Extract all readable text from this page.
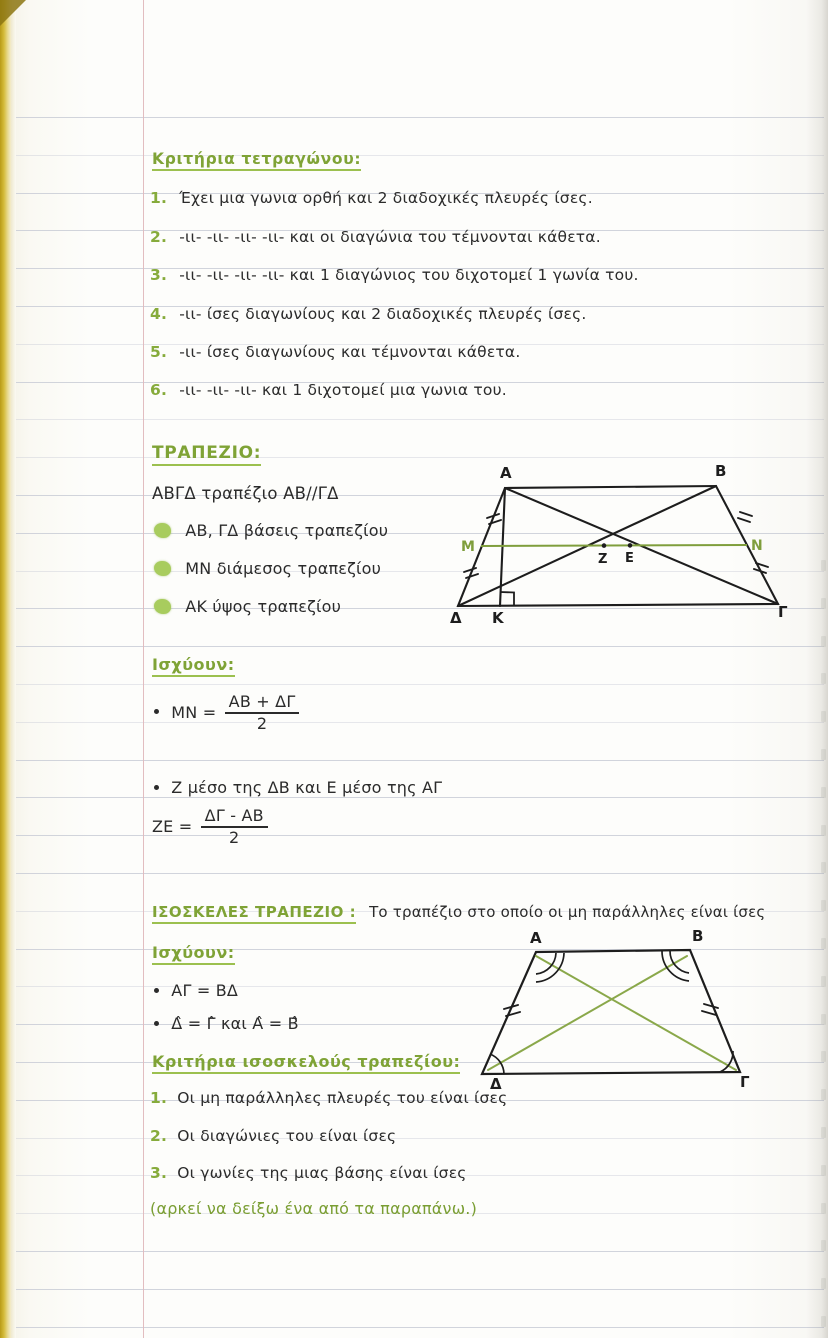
Κριτήρια τετραγώνου:
1. Έχει μια γωνια ορθή και 2 διαδοχικές πλευρές ίσες.
2. -ιι- -ιι- -ιι- -ιι- και οι διαγώνια του τέμνονται κάθετα.
3. -ιι- -ιι- -ιι- -ιι- και 1 διαγώνιος του διχοτομεί 1 γωνία του.
4. -ιι- ίσες διαγωνίους και 2 διαδοχικές πλευρές ίσες.
5. -ιι- ίσες διαγωνίους και τέμνονται κάθετα.
6. -ιι- -ιι- -ιι- και 1 διχοτομεί μια γωνια του.
ΤΡΑΠΕΖΙΟ:
ΑΒΓΔ τραπέζιο ΑΒ//ΓΔ
ΑΒ, ΓΔ βάσεις τραπεζίου
ΜΝ διάμεσος τραπεζίου
ΑΚ ύψος τραπεζίου
Α	Β
Γ
Δ Κ
Μ	Ν
Ζ Ε
Ισχύουν:
$MN = \frac{AB + \Delta\Gamma}{2}$
Ζ μέσο της ΔΒ και Ε μέσο της ΑΓ
$ZE = \frac{\Delta\Gamma - AB}{2}$
ΙΣΟΣΚΕΛΕΣ ΤΡΑΠΕΖΙΟ : Το τραπέζιο στο οποίο οι μη παράλληλες είναι ίσες
Ισχύουν:
ΑΓ = ΒΔ
Δ̂ = Γ̂ και Α̂ = Β̂
Κριτήρια ισοσκελούς τραπεζίου:
1. Οι μη παράλληλες πλευρές του είναι ίσες
2. Οι διαγώνιες του είναι ίσες
3. Οι γωνίες της μιας βάσης είναι ίσες
(αρκεί να δείξω ένα από τα παραπάνω.)
Α	Β
Γ
Δ
